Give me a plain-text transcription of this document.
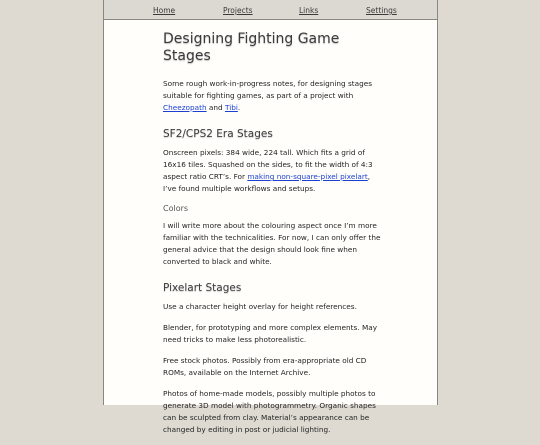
Home	Projects	Links	Settings
Designing Fighting Game Stages

Some rough work-in-progress notes, for designing stages suitable for fighting games, as part of a project with Cheezopath and Tibi.

SF2/CPS2 Era Stages

Onscreen pixels: 384 wide, 224 tall. Which fits a grid of 16x16 tiles. Squashed on the sides, to fit the width of 4:3 aspect ratio CRT’s. For making non-square-pixel pixelart, I’ve found multiple workflows and setups.

Colors

I will write more about the colouring aspect once I’m more familiar with the technicalities. For now, I can only offer the general advice that the design should look fine when converted to black and white.

Pixelart Stages

Use a character height overlay for height references.

Blender, for prototyping and more complex elements. May need tricks to make less photorealistic.

Free stock photos. Possibly from era-appropriate old CD ROMs, available on the Internet Archive.

Photos of home-made models, possibly multiple photos to generate 3D model with photogrammetry. Organic shapes can be sculpted from clay. Material’s appearance can be changed by editing in post or judicial lighting.
